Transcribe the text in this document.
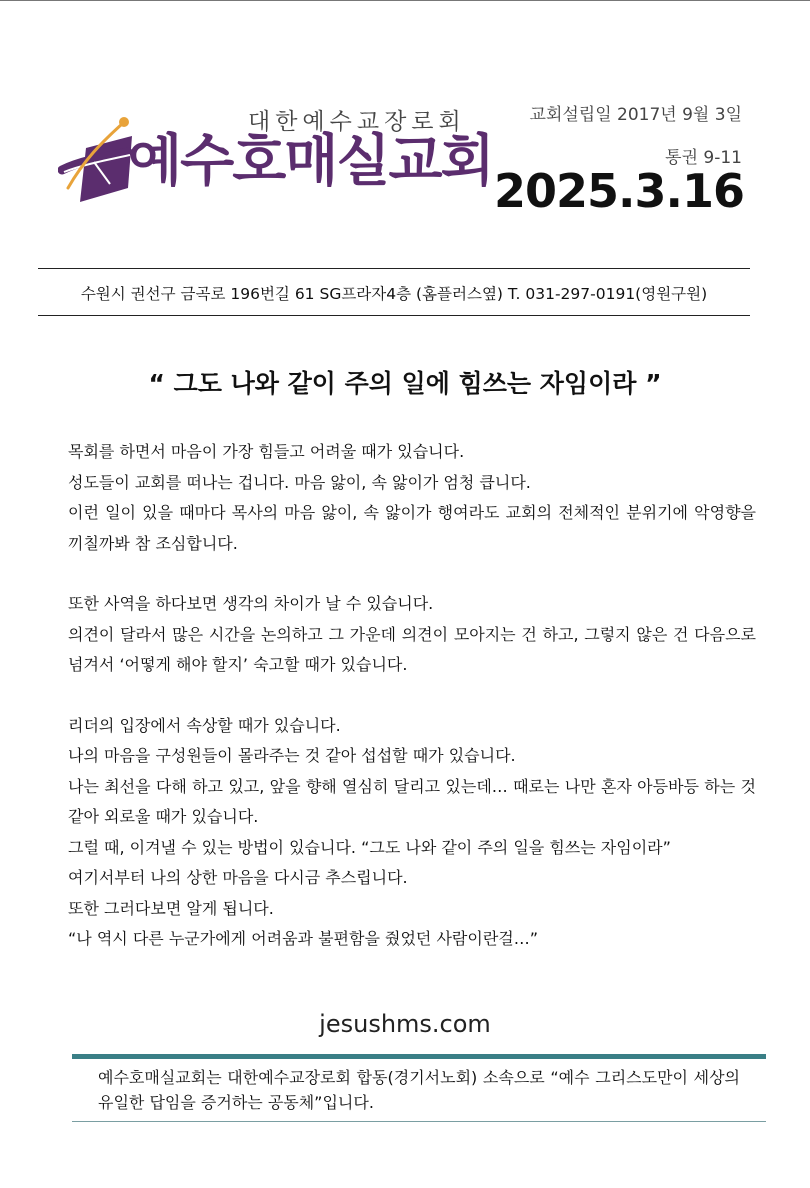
대한예수교장로회
예수호매실교회
교회설립일 2017년 9월 3일
통권 9-11
2025.3.16
수원시 권선구 금곡로 196번길 61 SG프라자4층 (홈플러스옆) T. 031-297-0191(영원구원)
“ 그도 나와 같이 주의 일에 힘쓰는 자임이라 ”

목회를 하면서 마음이 가장 힘들고 어려울 때가 있습니다.

성도들이 교회를 떠나는 겁니다. 마음 앓이, 속 앓이가 엄청 큽니다.

이런 일이 있을 때마다 목사의 마음 앓이, 속 앓이가 행여라도 교회의 전체적인 분위기에 악영향을 끼칠까봐 참 조심합니다.

또한 사역을 하다보면 생각의 차이가 날 수 있습니다.

의견이 달라서 많은 시간을 논의하고 그 가운데 의견이 모아지는 건 하고, 그렇지 않은 건 다음으로 넘겨서 ‘어떻게 해야 할지’ 숙고할 때가 있습니다.

리더의 입장에서 속상할 때가 있습니다.

나의 마음을 구성원들이 몰라주는 것 같아 섭섭할 때가 있습니다.

나는 최선을 다해 하고 있고, 앞을 향해 열심히 달리고 있는데… 때로는 나만 혼자 아등바등 하는 것 같아 외로울 때가 있습니다.

그럴 때, 이겨낼 수 있는 방법이 있습니다. “그도 나와 같이 주의 일을 힘쓰는 자임이라”

여기서부터 나의 상한 마음을 다시금 추스립니다.

또한 그러다보면 알게 됩니다.

“나 역시 다른 누군가에게 어려움과 불편함을 줬었던 사람이란걸…”

jesushms.com

예수호매실교회는 대한예수교장로회 합동(경기서노회) 소속으로 “예수 그리스도만이 세상의 유일한 답임을 증거하는 공동체”입니다.
